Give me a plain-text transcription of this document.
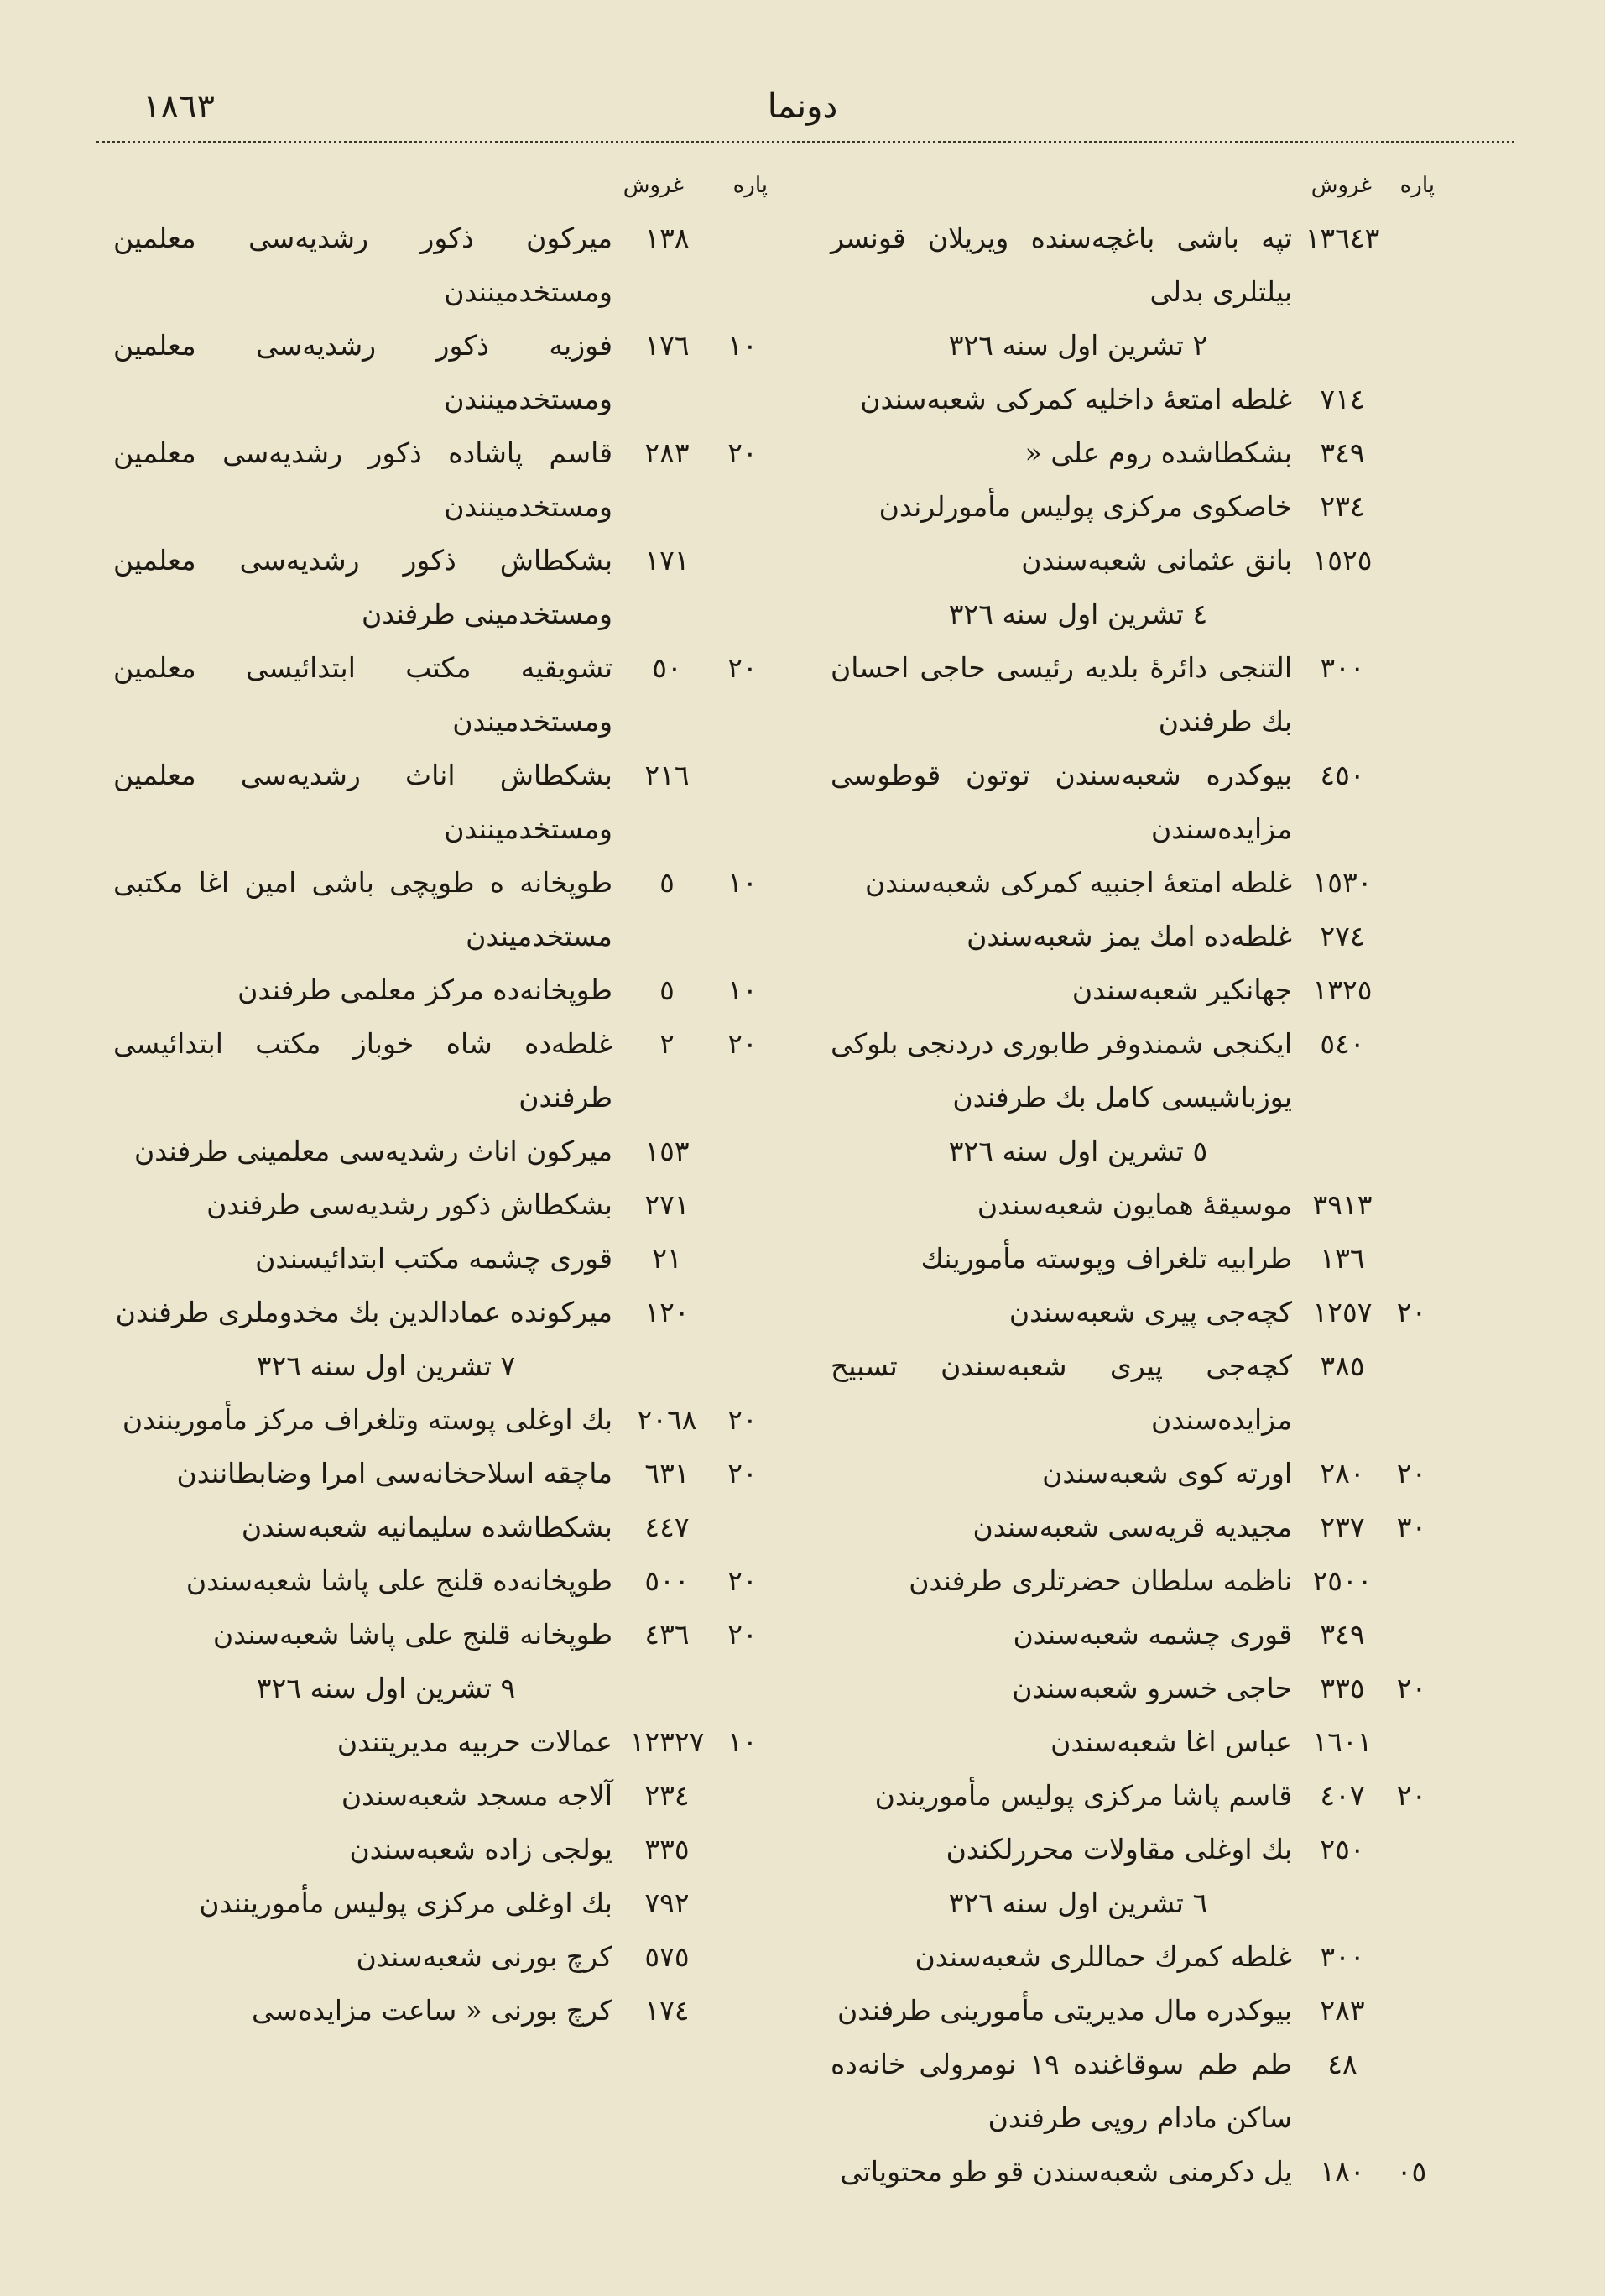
١٨٦٣	دونما
پاره
غروش
١٣٦٤٣
تپه باشی باغچه‌سنده ویریلان قونسر بیلتلری بدلی
٢ تشرین اول سنه ٣٢٦
٧١٤
غلطه امتعهٔ داخلیه کمرکی شعبه‌سندن
٣٤٩
بشکطاشده روم علی «
٢٣٤
خاصکوی مرکزی پولیس مأمورلرندن
١٥٢٥
بانق عثمانی شعبه‌سندن
٤ تشرین اول سنه ٣٢٦
٣٠٠
التنجی دائرهٔ بلدیه رئیسی حاجی احسان بك طرفندن
٤٥٠
بیوکدره شعبه‌سندن توتون قوطوسی مزایده‌سندن
١٥٣٠
غلطه امتعهٔ اجنبیه کمرکی شعبه‌سندن
٢٧٤
غلطه‌ده امك یمز شعبه‌سندن
١٣٢٥
جهانکیر شعبه‌سندن
٥٤٠
ایکنجی شمندوفر طابوری دردنجی بلوکی یوزباشیسی کامل بك طرفندن
٥ تشرین اول سنه ٣٢٦
٣٩١٣
موسیقهٔ همایون شعبه‌سندن
١٣٦
طرابیه تلغراف وپوسته مأمورینك
٢٠
١٢٥٧
کچه‌جی پیری شعبه‌سندن
٣٨٥
کچه‌جی پیری شعبه‌سندن تسبیح مزایده‌سندن
٢٠
٢٨٠
اورته کوی شعبه‌سندن
٣٠
٢٣٧
مجیدیه قریه‌سی شعبه‌سندن
٢٥٠٠
ناظمه سلطان حضرتلری طرفندن
٣٤٩
قوری چشمه شعبه‌سندن
٢٠
٣٣٥
حاجی خسرو شعبه‌سندن
١٦٠١
عباس اغا شعبه‌سندن
٢٠
٤٠٧
قاسم پاشا مرکزی پولیس مأموریندن
٢٥٠
بك اوغلی مقاولات محررلکندن
٦ تشرین اول سنه ٣٢٦
٣٠٠
غلطه کمرك حماللری شعبه‌سندن
٢٨٣
بیوکدره مال مدیریتی مأمورینی طرفندن
٤٨
طم طم سوقاغنده ١٩ نومرولی خانه‌ده ساکن مادام روپی طرفندن
٠٥
١٨٠
یل دکرمنی شعبه‌سندن قو طو محتویاتی
پاره
غروش
١٣٨
میرکون ذکور رشدیه‌سی معلمین ومستخدمینندن
١٠
١٧٦
فوزیه ذکور رشدیه‌سی معلمین ومستخدمینندن
٢٠
٢٨٣
قاسم پاشاده ذکور رشدیه‌سی معلمین ومستخدمینندن
١٧١
بشکطاش ذکور رشدیه‌سی معلمین ومستخدمینی طرفندن
٢٠
٥٠
تشویقیه مکتب ابتدائیسی معلمین ومستخدمیندن
٢١٦
بشکطاش اناث رشدیه‌سی معلمین ومستخدمینندن
١٠
٥
طوپخانه ه طوپچی باشی امین اغا مکتبی مستخدمیندن
١٠
٥
طوپخانه‌ده مرکز معلمی طرفندن
٢٠
٢
غلطه‌ده شاه خوباز مکتب ابتدائیسی طرفندن
١٥٣
میرکون اناث رشدیه‌سی معلمینی طرفندن
٢٧١
بشکطاش ذکور رشدیه‌سی طرفندن
٢١
قوری چشمه مکتب ابتدائیسندن
١٢٠
میرکونده عمادالدین بك مخدوملری طرفندن
٧ تشرین اول سنه ٣٢٦
٢٠
٢٠٦٨
بك اوغلی پوسته وتلغراف مرکز مأمورینندن
٢٠
٦٣١
ماچقه اسلاحخانه‌سی امرا وضابطانندن
٤٤٧
بشکطاشده سلیمانیه شعبه‌سندن
٢٠
٥٠٠
طوپخانه‌ده قلنج علی پاشا شعبه‌سندن
٢٠
٤٣٦
طوپخانه قلنج علی پاشا شعبه‌سندن
٩ تشرین اول سنه ٣٢٦
١٠
١٢٣٢٧
عمالات حربیه مدیریتندن
٢٣٤
آلاجه مسجد شعبه‌سندن
٣٣٥
یولجی زاده شعبه‌سندن
٧٩٢
بك اوغلی مرکزی پولیس مأمورینندن
٥٧٥
کرچ بورنی شعبه‌سندن
١٧٤
کرچ بورنی « ساعت مزایده‌سی
